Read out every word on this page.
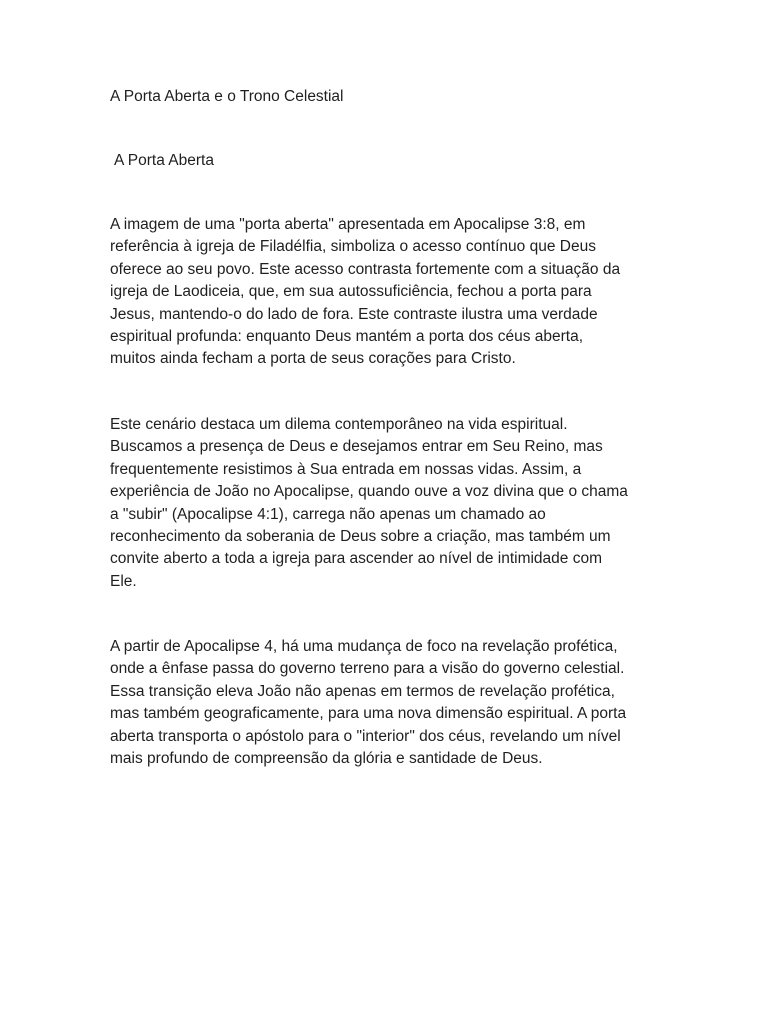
A Porta Aberta e o Trono Celestial
A Porta Aberta

A imagem de uma "porta aberta" apresentada em Apocalipse 3:8, em
referência à igreja de Filadélfia, simboliza o acesso contínuo que Deus
oferece ao seu povo. Este acesso contrasta fortemente com a situação da
igreja de Laodiceia, que, em sua autossuficiência, fechou a porta para
Jesus, mantendo-o do lado de fora. Este contraste ilustra uma verdade
espiritual profunda: enquanto Deus mantém a porta dos céus aberta,
muitos ainda fecham a porta de seus corações para Cristo.

Este cenário destaca um dilema contemporâneo na vida espiritual.
Buscamos a presença de Deus e desejamos entrar em Seu Reino, mas
frequentemente resistimos à Sua entrada em nossas vidas. Assim, a
experiência de João no Apocalipse, quando ouve a voz divina que o chama
a "subir" (Apocalipse 4:1), carrega não apenas um chamado ao
reconhecimento da soberania de Deus sobre a criação, mas também um
convite aberto a toda a igreja para ascender ao nível de intimidade com
Ele.

A partir de Apocalipse 4, há uma mudança de foco na revelação profética,
onde a ênfase passa do governo terreno para a visão do governo celestial.
Essa transição eleva João não apenas em termos de revelação profética,
mas também geograficamente, para uma nova dimensão espiritual. A porta
aberta transporta o apóstolo para o "interior" dos céus, revelando um nível
mais profundo de compreensão da glória e santidade de Deus.
